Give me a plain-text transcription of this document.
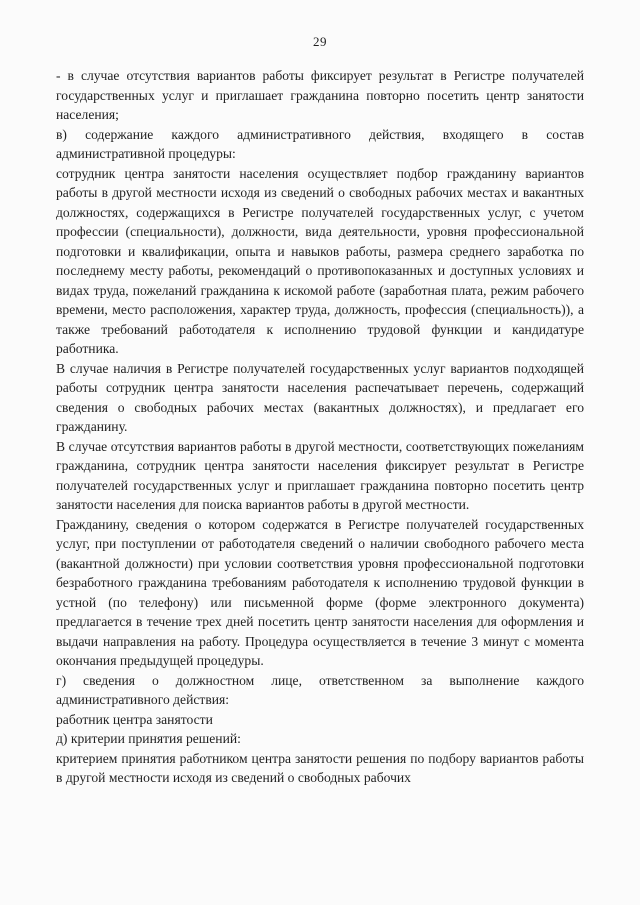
29

- в случае отсутствия вариантов работы фиксирует результат в Регистре получателей государственных услуг и приглашает гражданина повторно посетить центр занятости населения;

в) содержание каждого административного действия, входящего в состав административной процедуры:

сотрудник центра занятости населения осуществляет подбор гражданину вариантов работы в другой местности исходя из сведений о свободных рабочих местах и вакантных должностях, содержащихся в Регистре получателей государственных услуг, с учетом профессии (специальности), должности, вида деятельности, уровня профессиональной подготовки и квалификации, опыта и навыков работы, размера среднего заработка по последнему месту работы, рекомендаций о противопоказанных и доступных условиях и видах труда, пожеланий гражданина к искомой работе (заработная плата, режим рабочего времени, место расположения, характер труда, должность, профессия (специальность)), а также требований работодателя к исполнению трудовой функции и кандидатуре работника.

В случае наличия в Регистре получателей государственных услуг вариантов подходящей работы сотрудник центра занятости населения распечатывает перечень, содержащий сведения о свободных рабочих местах (вакантных должностях), и предлагает его гражданину.

В случае отсутствия вариантов работы в другой местности, соответствующих пожеланиям гражданина, сотрудник центра занятости населения фиксирует результат в Регистре получателей государственных услуг и приглашает гражданина повторно посетить центр занятости населения для поиска вариантов работы в другой местности.

Гражданину, сведения о котором содержатся в Регистре получателей государственных услуг, при поступлении от работодателя сведений о наличии свободного рабочего места (вакантной должности) при условии соответствия уровня профессиональной подготовки безработного гражданина требованиям работодателя к исполнению трудовой функции в устной (по телефону) или письменной форме (форме электронного документа) предлагается в течение трех дней посетить центр занятости населения для оформления и выдачи направления на работу. Процедура осуществляется в течение 3 минут с момента окончания предыдущей процедуры.

г) сведения о должностном лице, ответственном за выполнение каждого административного действия:

работник центра занятости

д) критерии принятия решений:

критерием принятия работником центра занятости решения по подбору вариантов работы в другой местности исходя из сведений о свободных рабочих
